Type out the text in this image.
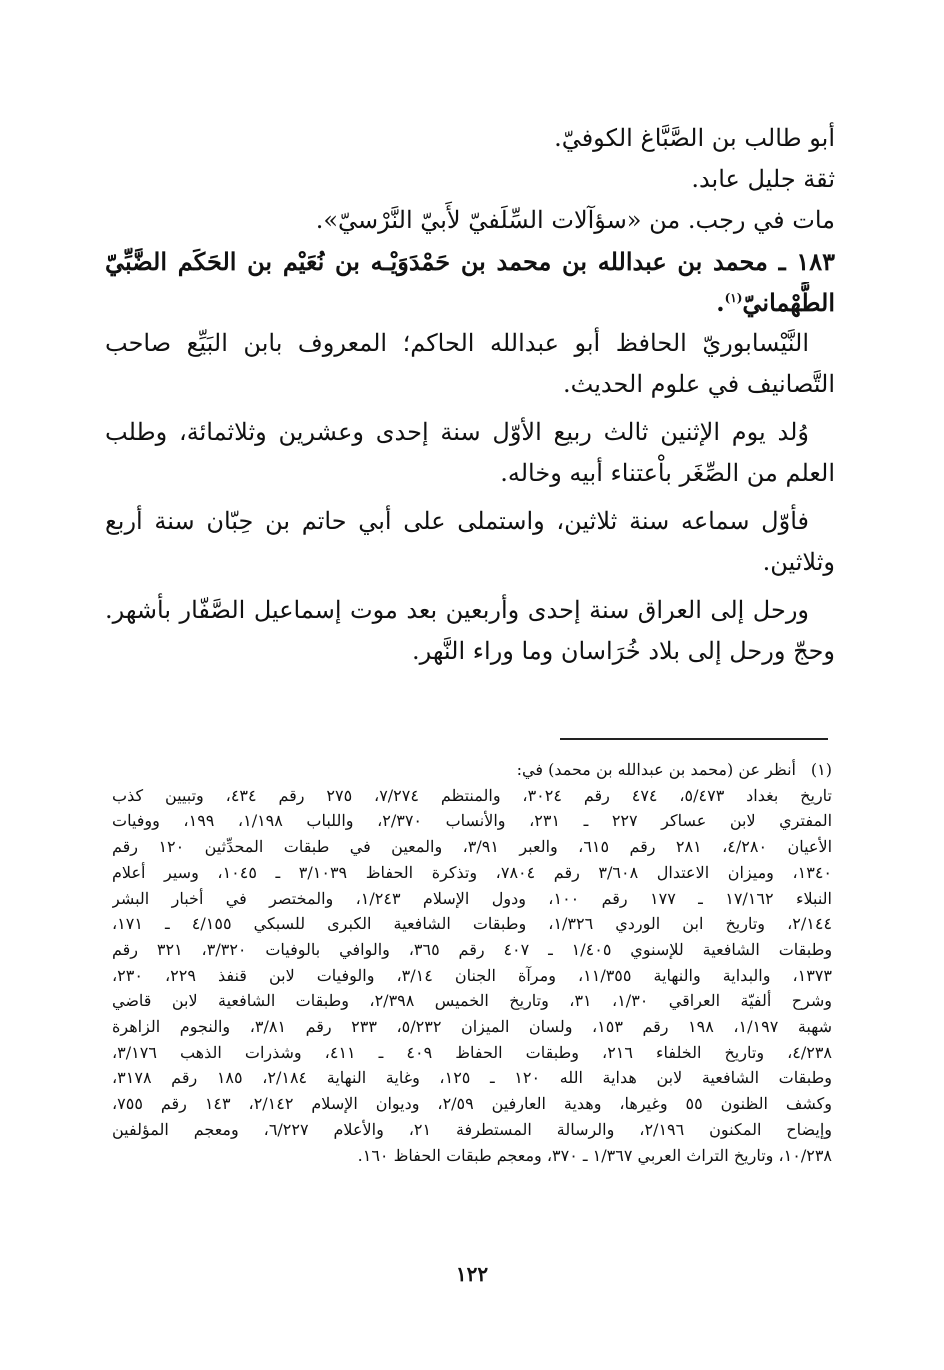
أبو طالب بن الصَّبَّاغ الكوفيّ.
ثقة جليل عابد.
مات في رجب. من «سؤآلات السِّلَفيّ لأَبيّ النَّرْسيّ».
١٨٣ ـ محمد بن عبدالله بن محمد بن حَمْدَوَيْـه بن نُعَيْم بن الحَكَم الضَّبِّيّ
الطَّهْمانيّ$^{(١)}$.
النَّيْسابوريّ الحافظ أبو عبدالله الحاكم؛ المعروف بابن البَيِّع صاحب
التَّصانيف في علوم الحديث.
وُلد يوم الإثنين ثالث ربيع الأوّل سنة إحدى وعشرين وثلاثمائة، وطلب
العلم من الصِّغَر باْعتناء أبيه وخاله.
فأوّل سماعه سنة ثلاثين، واستملى على أبي حاتم بن حِبّان سنة أربع
وثلاثين.
ورحل إلى العراق سنة إحدى وأربعين بعد موت إسماعيل الصَّفّار بأشهر.
وحجّ ورحل إلى بلاد خُرَاسان وما وراء النَّهر.
(١)أنظر عن (محمد بن عبدالله بن محمد) في:
تاريخ بغداد ٥/٤٧٣، ٤٧٤ رقم ٣٠٢٤، والمنتظم ٧/٢٧٤، ٢٧٥ رقم ٤٣٤، وتبيين كذب
المفتري لابن عساكر ٢٢٧ ـ ٢٣١، والأنساب ٢/٣٧٠، واللباب ١/١٩٨، ١٩٩، ووفيات
الأعيان ٤/٢٨٠، ٢٨١ رقم ٦١٥، والعبر ٣/٩١، والمعين في طبقات المحدِّثين ١٢٠ رقم
١٣٤٠، وميزان الاعتدال ٣/٦٠٨ رقم ٧٨٠٤، وتذكرة الحفاظ ٣/١٠٣٩ ـ ١٠٤٥، وسير أعلام
النبلاء ١٧/١٦٢ ـ ١٧٧ رقم ١٠٠، ودول الإسلام ١/٢٤٣، والمختصر في أخبار البشر
٢/١٤٤، وتاريخ ابن الوردي ١/٣٢٦، وطبقات الشافعية الكبرى للسبكي ٤/١٥٥ ـ ١٧١،
وطبقات الشافعية للإسنوي ١/٤٠٥ ـ ٤٠٧ رقم ٣٦٥، والوافي بالوفيات ٣/٣٢٠، ٣٢١ رقم
١٣٧٣، والبداية والنهاية ١١/٣٥٥، ومرآة الجنان ٣/١٤، والوفيات لابن قنفذ ٢٢٩، ٢٣٠،
وشرح ألفيّة العراقي ١/٣٠، ٣١، وتاريخ الخميس ٢/٣٩٨، وطبقات الشافعية لابن قاضي
شهبة ١/١٩٧، ١٩٨ رقم ١٥٣، ولسان الميزان ٥/٢٣٢، ٢٣٣ رقم ٣/٨١، والنجوم الزاهرة
٤/٢٣٨، وتاريخ الخلفاء ٢١٦، وطبقات الحفاظ ٤٠٩ ـ ٤١١، وشذرات الذهب ٣/١٧٦،
وطبقات الشافعية لابن هداية الله ١٢٠ ـ ١٢٥، وغاية النهاية ٢/١٨٤، ١٨٥ رقم ٣١٧٨،
وكشف الظنون ٥٥ وغيرها، وهدية العارفين ٢/٥٩، وديوان الإسلام ٢/١٤٢، ١٤٣ رقم ٧٥٥،
وإيضاح المكنون ٢/١٩٦، والرسالة المستطرفة ٢١، والأعلام ٦/٢٢٧، ومعجم المؤلفين
١٠/٢٣٨، وتاريخ التراث العربي ١/٣٦٧ ـ ٣٧٠، ومعجم طبقات الحفاظ ١٦٠.
١٢٢
